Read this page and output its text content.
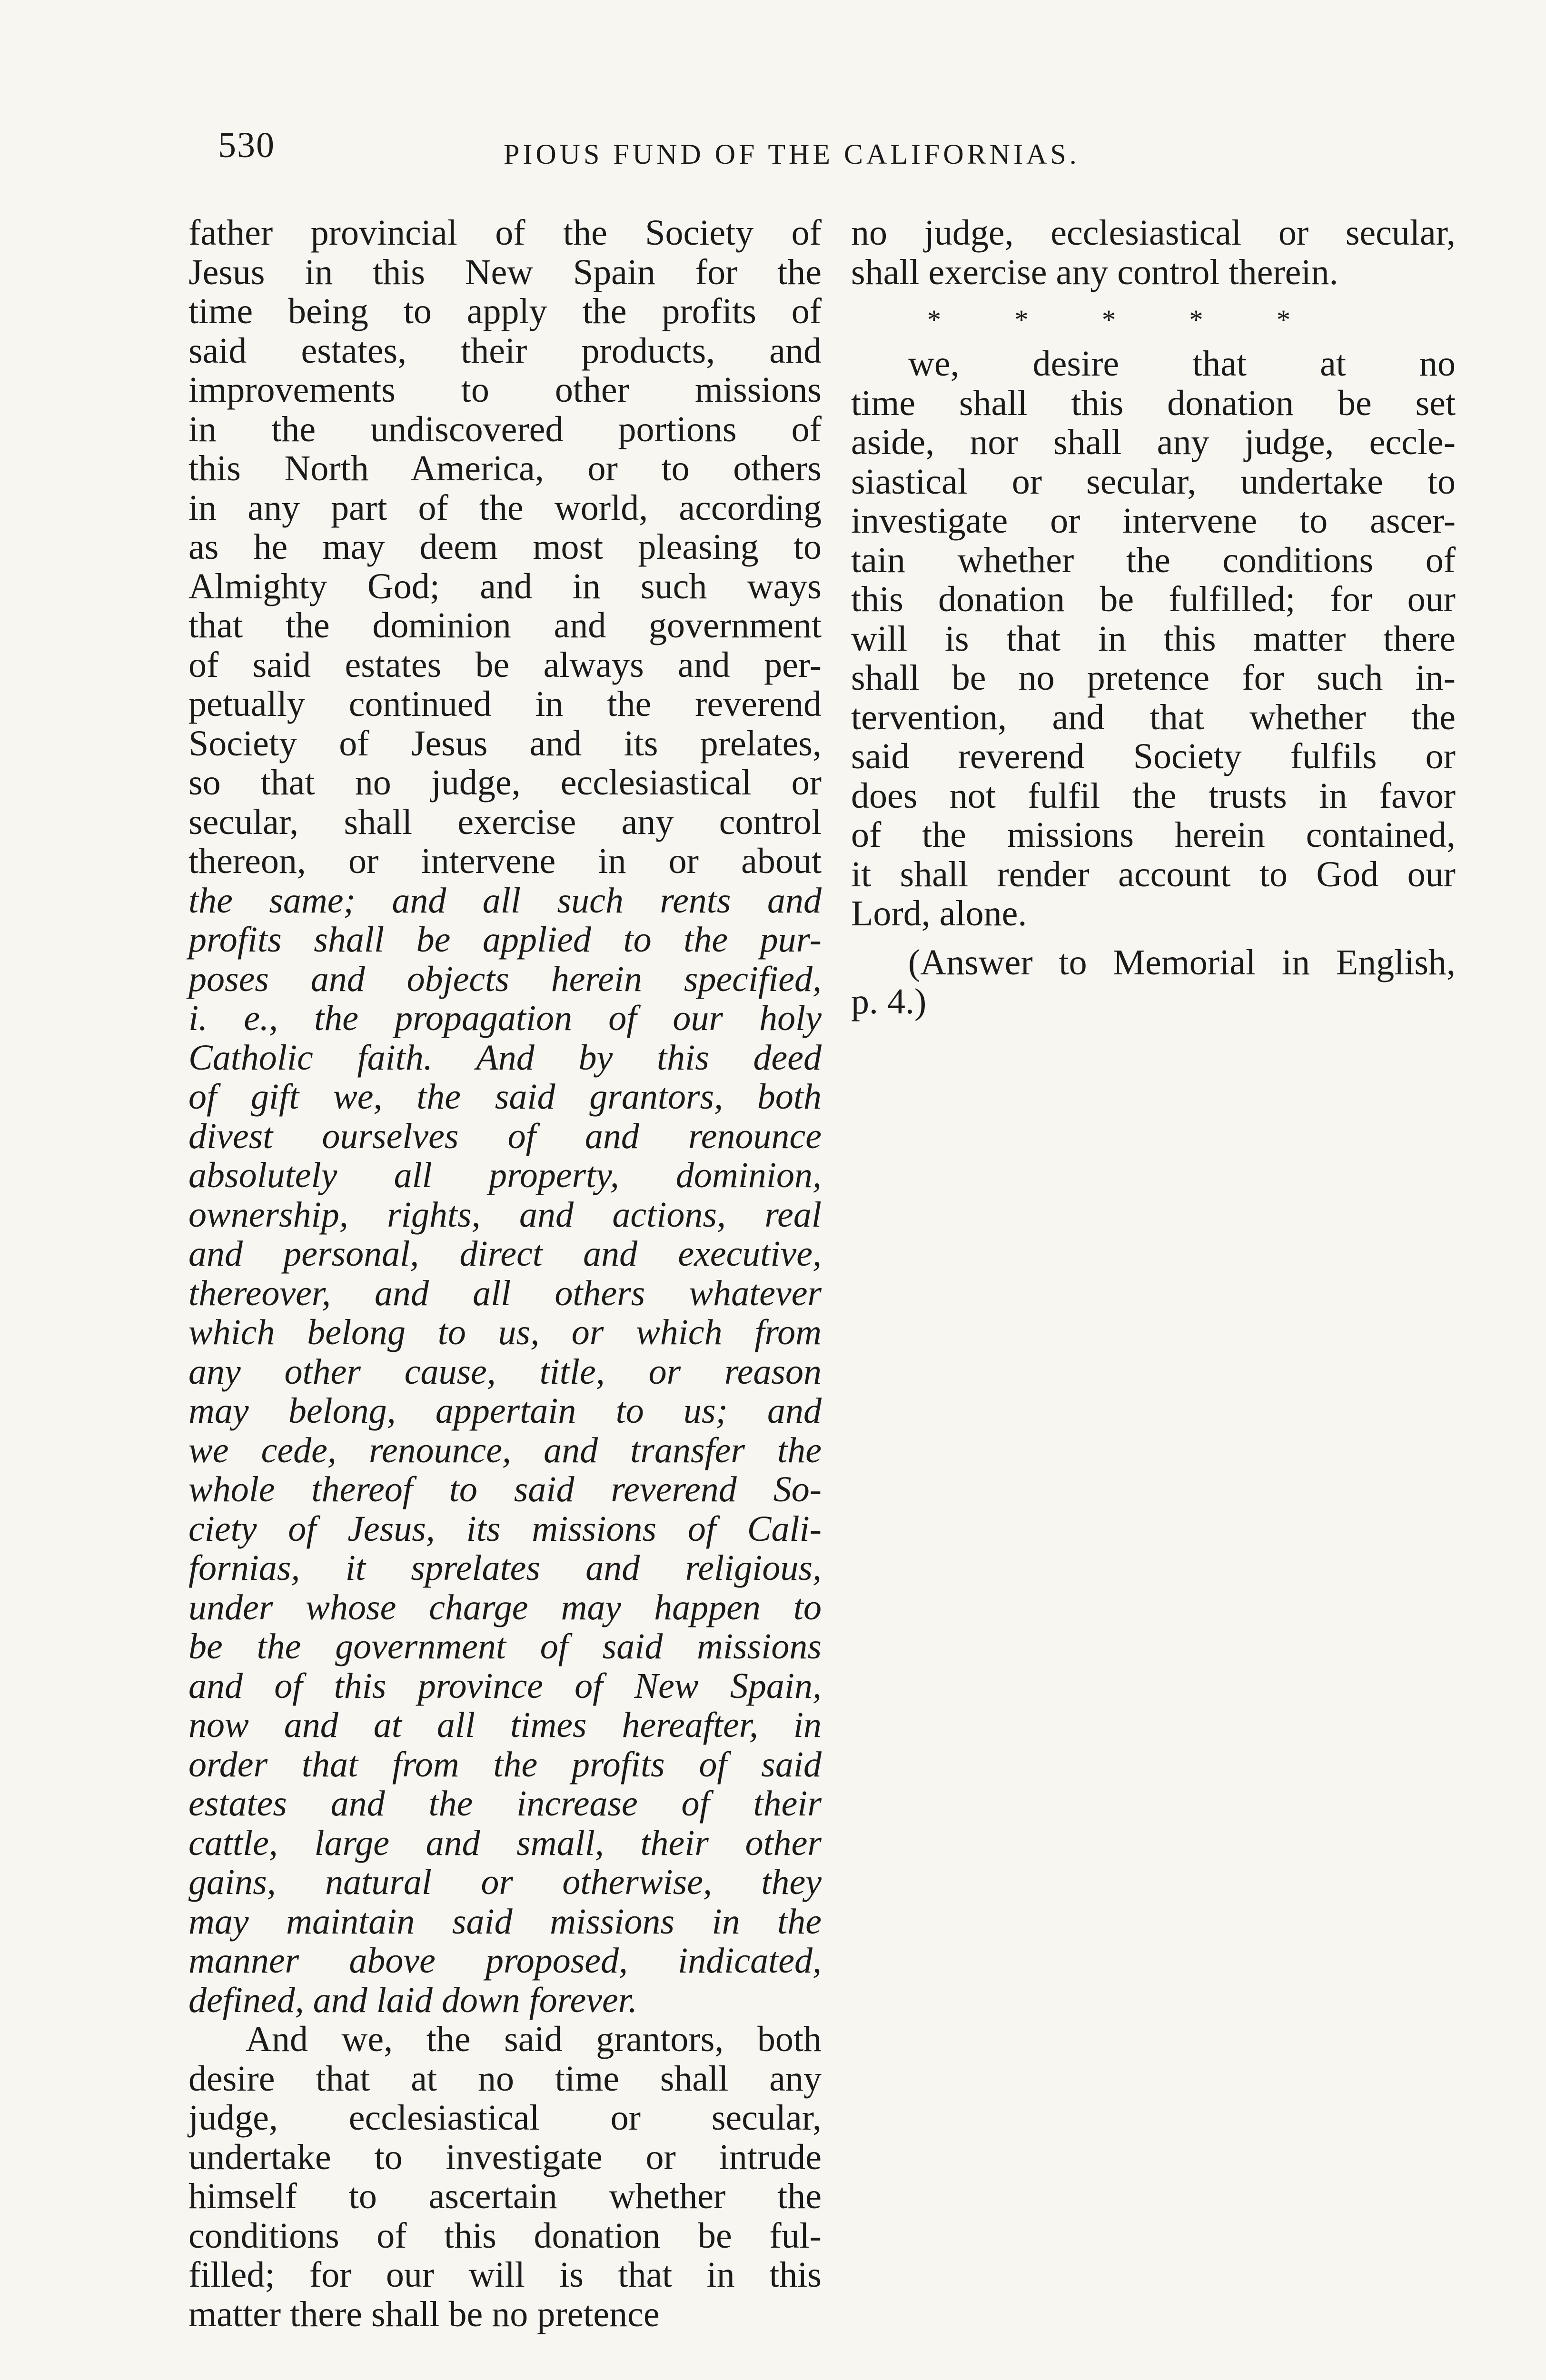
530	PIOUS FUND OF THE CALIFORNIAS.
father provincial of the Society of
Jesus in this New Spain for the
time being to apply the profits of
said estates, their products, and
improvements to other missions
in the undiscovered portions of
this North America, or to others
in any part of the world, according
as he may deem most pleasing to
Almighty God; and in such ways
that the dominion and government
of said estates be always and per-
petually continued in the reverend
Society of Jesus and its prelates,
so that no judge, ecclesiastical or
secular, shall exercise any control
thereon, or intervene in or about
the same; and all such rents and
profits shall be applied to the pur-
poses and objects herein specified,
i. e., the propagation of our holy
Catholic faith. And by this deed
of gift we, the said grantors, both
divest ourselves of and renounce
absolutely all property, dominion,
ownership, rights, and actions, real
and personal, direct and executive,
thereover, and all others whatever
which belong to us, or which from
any other cause, title, or reason
may belong, appertain to us; and
we cede, renounce, and transfer the
whole thereof to said reverend So-
ciety of Jesus, its missions of Cali-
fornias, it sprelates and religious,
under whose charge may happen to
be the government of said missions
and of this province of New Spain,
now and at all times hereafter, in
order that from the profits of said
estates and the increase of their
cattle, large and small, their other
gains, natural or otherwise, they
may maintain said missions in the
manner above proposed, indicated,
defined, and laid down forever.
And we, the said grantors, both
desire that at no time shall any
judge, ecclesiastical or secular,
undertake to investigate or intrude
himself to ascertain whether the
conditions of this donation be ful-
filled; for our will is that in this
matter there shall be no pretence

no judge, ecclesiastical or secular,
shall exercise any control therein.

* * * * *

we, desire that at no
time shall this donation be set
aside, nor shall any judge, eccle-
siastical or secular, undertake to
investigate or intervene to ascer-
tain whether the conditions of
this donation be fulfilled; for our
will is that in this matter there
shall be no pretence for such in-
tervention, and that whether the
said reverend Society fulfils or
does not fulfil the trusts in favor
of the missions herein contained,
it shall render account to God our
Lord, alone.

(Answer to Memorial in English,
p. 4.)
